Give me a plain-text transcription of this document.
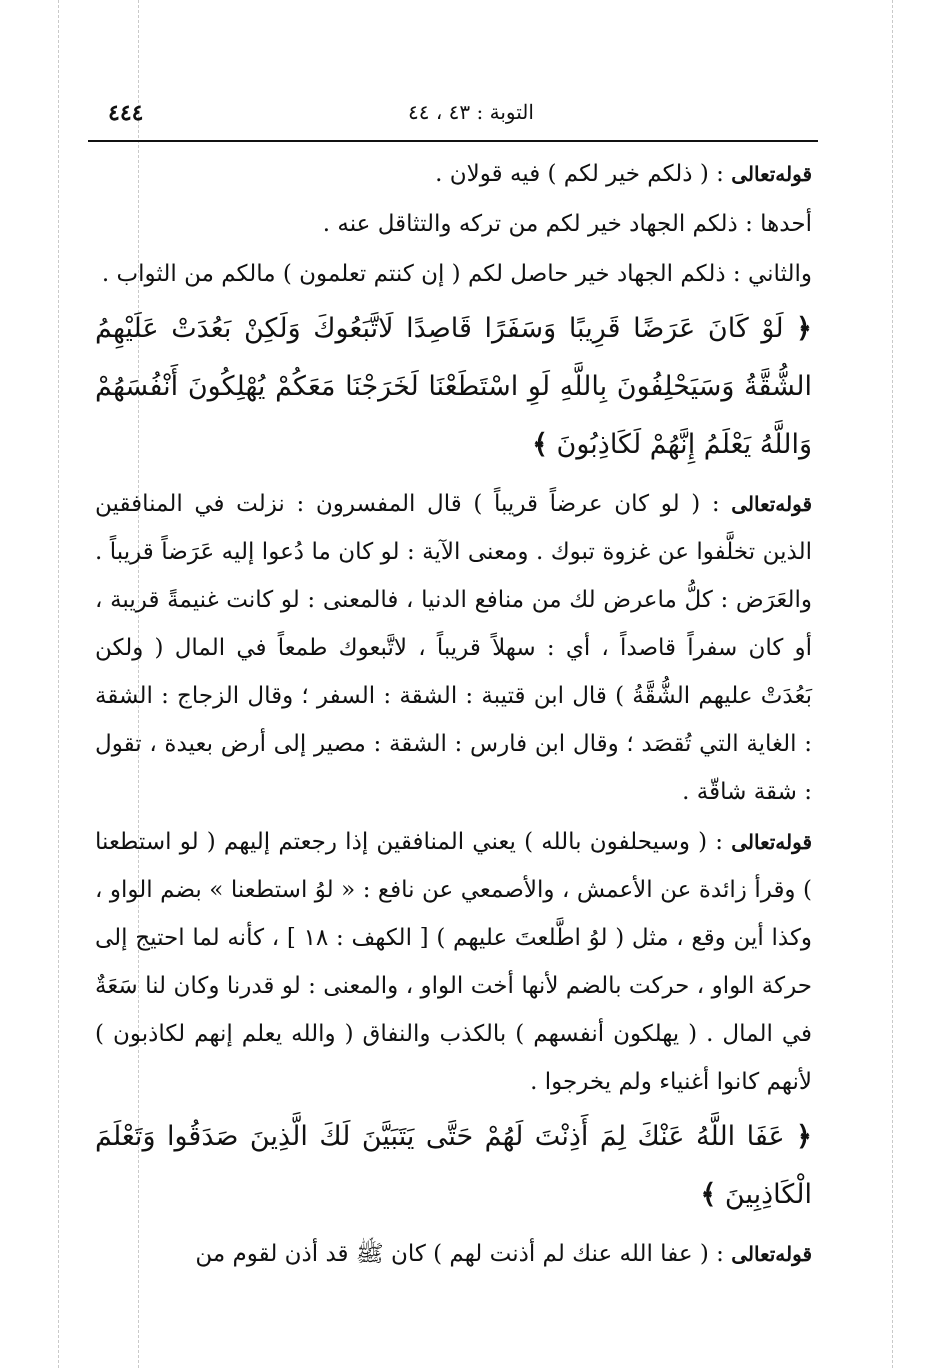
٤٤٤	التوبة : ٤٣ ، ٤٤

قوله‌تعالى : ( ذلكم خير لكم ) فيه قولان .

أحدها : ذلكم الجهاد خير لكم من تركه والتثاقل عنه .

والثاني : ذلكم الجهاد خير حاصل لكم ( إن كنتم تعلمون ) مالكم من الثواب .

﴿ لَوْ كَانَ عَرَضًا قَرِيبًا وَسَفَرًا قَاصِدًا لَاتَّبَعُوكَ وَلَكِنْ بَعُدَتْ عَلَيْهِمُ الشُّقَّةُ وَسَيَحْلِفُونَ بِاللَّهِ لَوِ اسْتَطَعْنَا لَخَرَجْنَا مَعَكُمْ يُهْلِكُونَ أَنْفُسَهُمْ وَاللَّهُ يَعْلَمُ إِنَّهُمْ لَكَاذِبُونَ ﴾

قوله‌تعالى : ( لو كان عرضاً قريباً ) قال المفسرون : نزلت في المنافقين الذين تخلَّفوا عن غزوة تبوك . ومعنى الآية : لو كان ما دُعوا إليه عَرَضاً قريباً . والعَرَض : كلُّ ماعرض لك من منافع الدنيا ، فالمعنى : لو كانت غنيمةً قريبة ، أو كان سفراً قاصداً ، أي : سهلاً قريباً ، لاتَّبعوك طمعاً في المال ( ولكن بَعُدَتْ عليهم الشُّقَّةُ ) قال ابن قتيبة : الشقة : السفر ؛ وقال الزجاج : الشقة : الغاية التي تُقصَد ؛ وقال ابن فارس : الشقة : مصير إلى أرض بعيدة ، تقول : شقة شاقّة .

قوله‌تعالى : ( وسيحلفون بالله ) يعني المنافقين إذا رجعتم إليهم ( لو استطعنا ) وقرأ زائدة عن الأعمش ، والأصمعي عن نافع : « لوُ استطعنا » بضم الواو ، وكذا أين وقع ، مثل ( لوُ اطَّلعتَ عليهم ) [ الكهف : ١٨ ] ، كأنه لما احتيج إلى حركة الواو ، حركت بالضم لأنها أخت الواو ، والمعنى : لو قدرنا وكان لنا سَعَةٌ في المال . ( يهلكون أنفسهم ) بالكذب والنفاق ( والله يعلم إنهم لكاذبون ) لأنهم كانوا أغنياء ولم يخرجوا .

﴿ عَفَا اللَّهُ عَنْكَ لِمَ أَذِنْتَ لَهُمْ حَتَّى يَتَبَيَّنَ لَكَ الَّذِينَ صَدَقُوا وَتَعْلَمَ الْكَاذِبِينَ ﴾

قوله‌تعالى : ( عفا الله عنك لم أذنت لهم ) كان ﷺ قد أذن لقوم من
